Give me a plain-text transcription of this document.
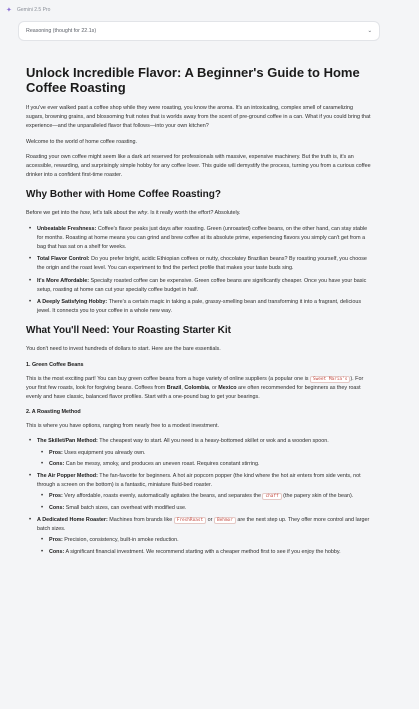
✦ Gemini 2.5 Pro
Reasoning (thought for 22.1s)	⌄
Unlock Incredible Flavor: A Beginner's Guide to Home Coffee Roasting

If you've ever walked past a coffee shop while they were roasting, you know the aroma. It's an intoxicating, complex smell of caramelizing sugars, browning grains, and blossoming fruit notes that is worlds away from the scent of pre-ground coffee in a can. What if you could bring that experience—and the unparalleled flavor that follows—into your own kitchen?

Welcome to the world of home coffee roasting.

Roasting your own coffee might seem like a dark art reserved for professionals with massive, expensive machinery. But the truth is, it's an accessible, rewarding, and surprisingly simple hobby for any coffee lover. This guide will demystify the process, turning you from a curious coffee drinker into a confident first-time roaster.

Why Bother with Home Coffee Roasting?

Before we get into the how, let's talk about the why. Is it really worth the effort? Absolutely.

• Unbeatable Freshness: Coffee's flavor peaks just days after roasting. Green (unroasted) coffee beans, on the other hand, can stay stable for months. Roasting at home means you can grind and brew coffee at its absolute prime, experiencing flavors you simply can't get from a bag that has sat on a shelf for weeks.
• Total Flavor Control: Do you prefer bright, acidic Ethiopian coffees or nutty, chocolatey Brazilian beans? By roasting yourself, you choose the origin and the roast level. You can experiment to find the perfect profile that makes your taste buds sing.
• It's More Affordable: Specialty roasted coffee can be expensive. Green coffee beans are significantly cheaper. Once you have your basic setup, roasting at home can cut your specialty coffee budget in half.
• A Deeply Satisfying Hobby: There's a certain magic in taking a pale, grassy-smelling bean and transforming it into a fragrant, delicious jewel. It connects you to your coffee in a whole new way.
What You'll Need: Your Roasting Starter Kit

You don't need to invest hundreds of dollars to start. Here are the bare essentials.

1. Green Coffee Beans

This is the most exciting part! You can buy green coffee beans from a huge variety of online suppliers (a popular one is Sweet Maria's ). For your first few roasts, look for forgiving beans. Coffees from Brazil, Colombia, or Mexico are often recommended for beginners as they roast evenly and have classic, balanced flavor profiles. Start with a one-pound bag to get your bearings.

2. A Roasting Method

This is where you have options, ranging from nearly free to a modest investment.

• The Skillet/Pan Method: The cheapest way to start. All you need is a heavy-bottomed skillet or wok and a wooden spoon.
• Pros: Uses equipment you already own.
• Cons: Can be messy, smoky, and produces an uneven roast. Requires constant stirring.
• The Air Popper Method: The fan-favorite for beginners. A hot air popcorn popper (the kind where the hot air enters from side vents, not through a screen on the bottom) is a fantastic, miniature fluid-bed roaster.
• Pros: Very affordable, roasts evenly, automatically agitates the beans, and separates the chaff (the papery skin of the bean).
• Cons: Small batch sizes, can overheat with modified use.
• A Dedicated Home Roaster: Machines from brands like FreshRoast or Behmor are the next step up. They offer more control and larger batch sizes.
• Pros: Precision, consistency, built-in smoke reduction.
• Cons: A significant financial investment. We recommend starting with a cheaper method first to see if you enjoy the hobby.
